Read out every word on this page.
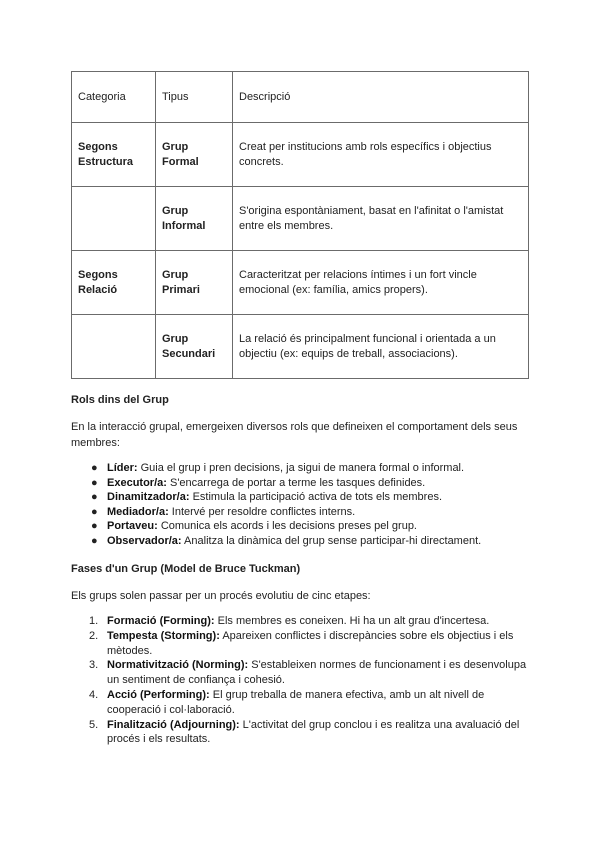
Categoria	Tipus	Descripció
Segons Estructura	Grup Formal	Creat per institucions amb rols específics i objectius concrets.
	Grup Informal	S'origina espontàniament, basat en l'afinitat o l'amistat entre els membres.
Segons Relació	Grup Primari	Caracteritzat per relacions íntimes i un fort vincle emocional (ex: família, amics propers).
	Grup Secundari	La relació és principalment funcional i orientada a un objectiu (ex: equips de treball, associacions).
Rols dins del Grup
En la interacció grupal, emergeixen diversos rols que defineixen el comportament dels seus membres:
● Líder: Guia el grup i pren decisions, ja sigui de manera formal o informal.
● Executor/a: S'encarrega de portar a terme les tasques definides.
● Dinamitzador/a: Estimula la participació activa de tots els membres.
● Mediador/a: Intervé per resoldre conflictes interns.
● Portaveu: Comunica els acords i les decisions preses pel grup.
● Observador/a: Analitza la dinàmica del grup sense participar-hi directament.
Fases d'un Grup (Model de Bruce Tuckman)
Els grups solen passar per un procés evolutiu de cinc etapes:
1. Formació (Forming): Els membres es coneixen. Hi ha un alt grau d'incertesa.
2. Tempesta (Storming): Apareixen conflictes i discrepàncies sobre els objectius i els mètodes.
3. Normativització (Norming): S'estableixen normes de funcionament i es desenvolupa un sentiment de confiança i cohesió.
4. Acció (Performing): El grup treballa de manera efectiva, amb un alt nivell de cooperació i col·laboració.
5. Finalització (Adjourning): L'activitat del grup conclou i es realitza una avaluació del procés i els resultats.
